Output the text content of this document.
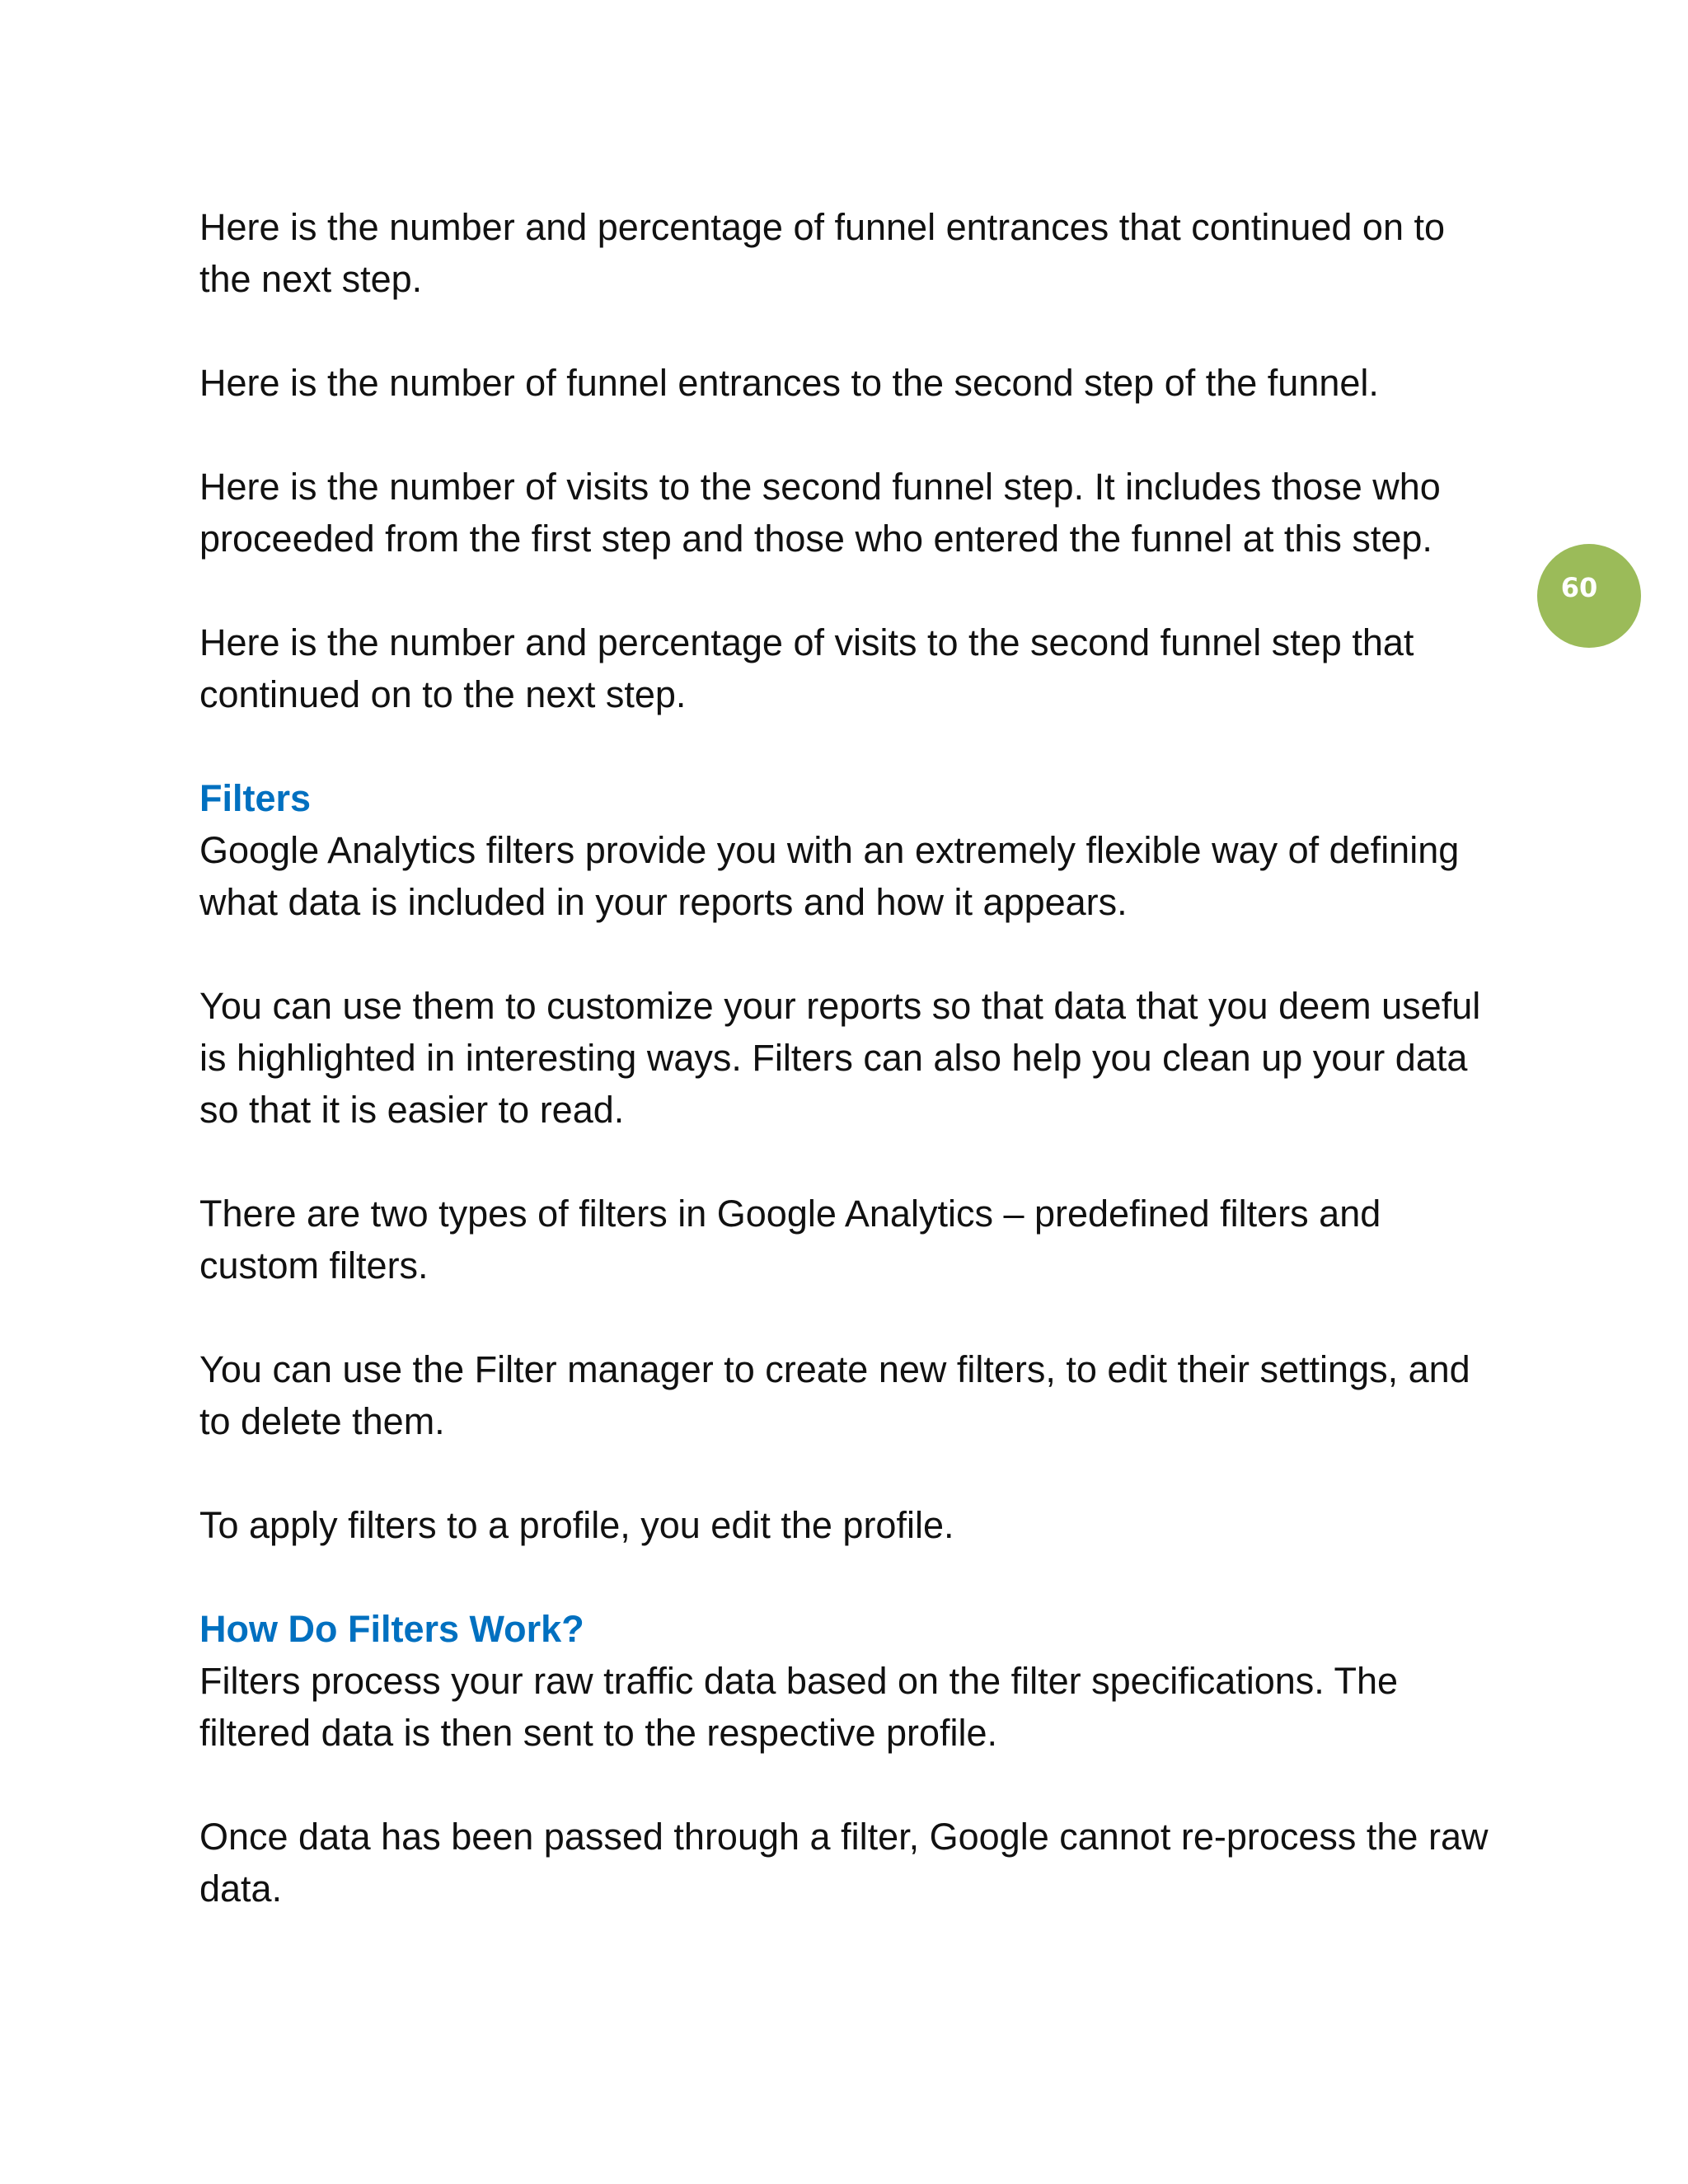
Here is the number and percentage of funnel entrances that continued on to the next step.

Here is the number of funnel entrances to the second step of the funnel.

Here is the number of visits to the second funnel step. It includes those who proceeded from the first step and those who entered the funnel at this step.

Here is the number and percentage of visits to the second funnel step that continued on to the next step.

Filters

Google Analytics filters provide you with an extremely flexible way of defining what data is included in your reports and how it appears.

You can use them to customize your reports so that data that you deem useful is highlighted in interesting ways. Filters can also help you clean up your data so that it is easier to read.

There are two types of filters in Google Analytics – predefined filters and custom filters.

You can use the Filter manager to create new filters, to edit their settings, and to delete them.

To apply filters to a profile, you edit the profile.

How Do Filters Work?

Filters process your raw traffic data based on the filter specifications. The filtered data is then sent to the respective profile.

Once data has been passed through a filter, Google cannot re-process the raw data.

60
